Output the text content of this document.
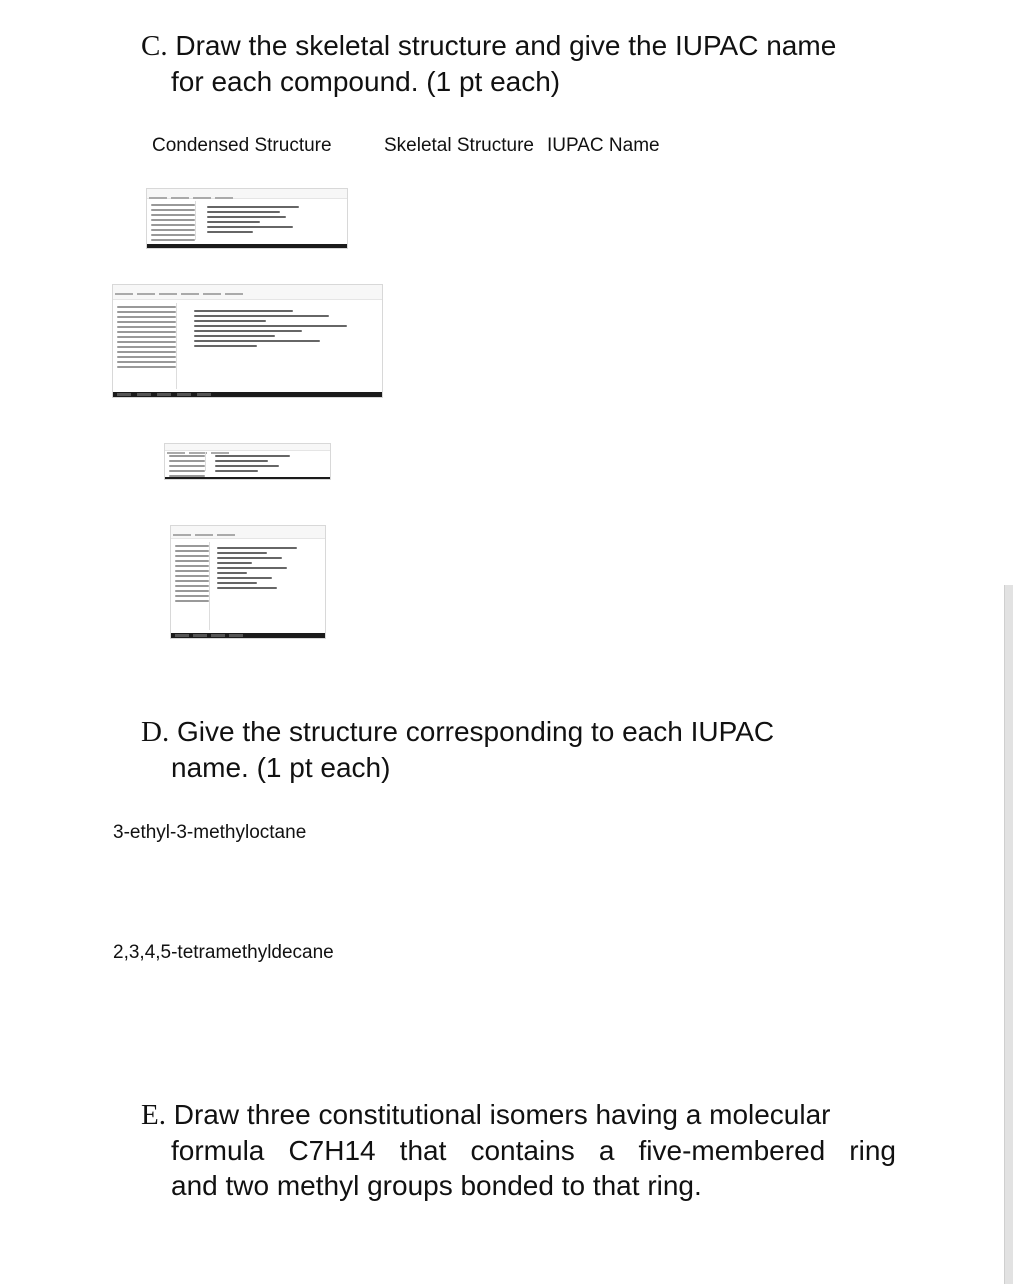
C. Draw the skeletal structure and give the IUPAC name
for each compound. (1 pt each)
Condensed Structure	Skeletal Structure IUPAC Name
D. Give the structure corresponding to each IUPAC
name. (1 pt each)
3-ethyl-3-methyloctane
2,3,4,5-tetramethyldecane
E. Draw three constitutional isomers having a molecular
formula C7H14 that contains a five-membered ring
and two methyl groups bonded to that ring.
